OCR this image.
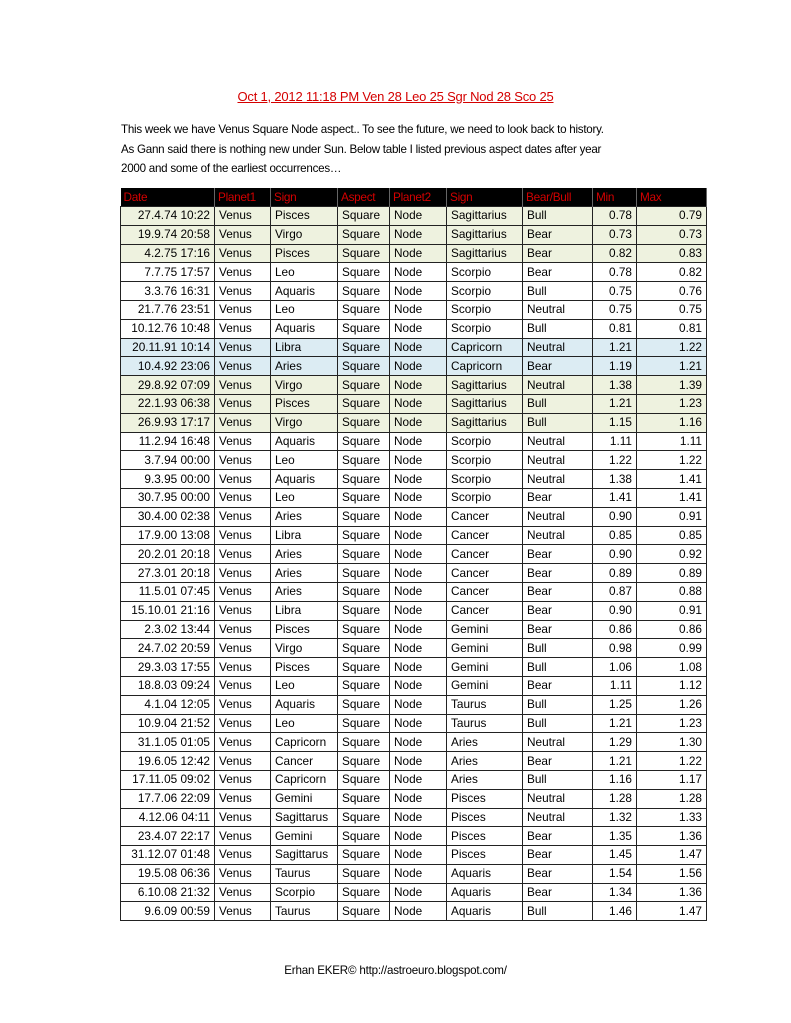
Oct 1, 2012 11:18 PM Ven 28 Leo 25 Sgr Nod 28 Sco 25

This week we have Venus Square Node aspect.. To see the future, we need to look back to history.

As Gann said there is nothing new under Sun. Below table I listed previous aspect dates after year

2000 and some of the earliest occurrences…

Date	Planet1	Sign	Aspect	Planet2	Sign	Bear/Bull	Min	Max
27.4.74 10:22	Venus	Pisces	Square	Node	Sagittarius	Bull	0.78	0.79
19.9.74 20:58	Venus	Virgo	Square	Node	Sagittarius	Bear	0.73	0.73
4.2.75 17:16	Venus	Pisces	Square	Node	Sagittarius	Bear	0.82	0.83
7.7.75 17:57	Venus	Leo	Square	Node	Scorpio	Bear	0.78	0.82
3.3.76 16:31	Venus	Aquaris	Square	Node	Scorpio	Bull	0.75	0.76
21.7.76 23:51	Venus	Leo	Square	Node	Scorpio	Neutral	0.75	0.75
10.12.76 10:48	Venus	Aquaris	Square	Node	Scorpio	Bull	0.81	0.81
20.11.91 10:14	Venus	Libra	Square	Node	Capricorn	Neutral	1.21	1.22
10.4.92 23:06	Venus	Aries	Square	Node	Capricorn	Bear	1.19	1.21
29.8.92 07:09	Venus	Virgo	Square	Node	Sagittarius	Neutral	1.38	1.39
22.1.93 06:38	Venus	Pisces	Square	Node	Sagittarius	Bull	1.21	1.23
26.9.93 17:17	Venus	Virgo	Square	Node	Sagittarius	Bull	1.15	1.16
11.2.94 16:48	Venus	Aquaris	Square	Node	Scorpio	Neutral	1.11	1.11
3.7.94 00:00	Venus	Leo	Square	Node	Scorpio	Neutral	1.22	1.22
9.3.95 00:00	Venus	Aquaris	Square	Node	Scorpio	Neutral	1.38	1.41
30.7.95 00:00	Venus	Leo	Square	Node	Scorpio	Bear	1.41	1.41
30.4.00 02:38	Venus	Aries	Square	Node	Cancer	Neutral	0.90	0.91
17.9.00 13:08	Venus	Libra	Square	Node	Cancer	Neutral	0.85	0.85
20.2.01 20:18	Venus	Aries	Square	Node	Cancer	Bear	0.90	0.92
27.3.01 20:18	Venus	Aries	Square	Node	Cancer	Bear	0.89	0.89
11.5.01 07:45	Venus	Aries	Square	Node	Cancer	Bear	0.87	0.88
15.10.01 21:16	Venus	Libra	Square	Node	Cancer	Bear	0.90	0.91
2.3.02 13:44	Venus	Pisces	Square	Node	Gemini	Bear	0.86	0.86
24.7.02 20:59	Venus	Virgo	Square	Node	Gemini	Bull	0.98	0.99
29.3.03 17:55	Venus	Pisces	Square	Node	Gemini	Bull	1.06	1.08
18.8.03 09:24	Venus	Leo	Square	Node	Gemini	Bear	1.11	1.12
4.1.04 12:05	Venus	Aquaris	Square	Node	Taurus	Bull	1.25	1.26
10.9.04 21:52	Venus	Leo	Square	Node	Taurus	Bull	1.21	1.23
31.1.05 01:05	Venus	Capricorn	Square	Node	Aries	Neutral	1.29	1.30
19.6.05 12:42	Venus	Cancer	Square	Node	Aries	Bear	1.21	1.22
17.11.05 09:02	Venus	Capricorn	Square	Node	Aries	Bull	1.16	1.17
17.7.06 22:09	Venus	Gemini	Square	Node	Pisces	Neutral	1.28	1.28
4.12.06 04:11	Venus	Sagittarus	Square	Node	Pisces	Neutral	1.32	1.33
23.4.07 22:17	Venus	Gemini	Square	Node	Pisces	Bear	1.35	1.36
31.12.07 01:48	Venus	Sagittarus	Square	Node	Pisces	Bear	1.45	1.47
19.5.08 06:36	Venus	Taurus	Square	Node	Aquaris	Bear	1.54	1.56
6.10.08 21:32	Venus	Scorpio	Square	Node	Aquaris	Bear	1.34	1.36
9.6.09 00:59	Venus	Taurus	Square	Node	Aquaris	Bull	1.46	1.47
Erhan EKER© http://astroeuro.blogspot.com/
